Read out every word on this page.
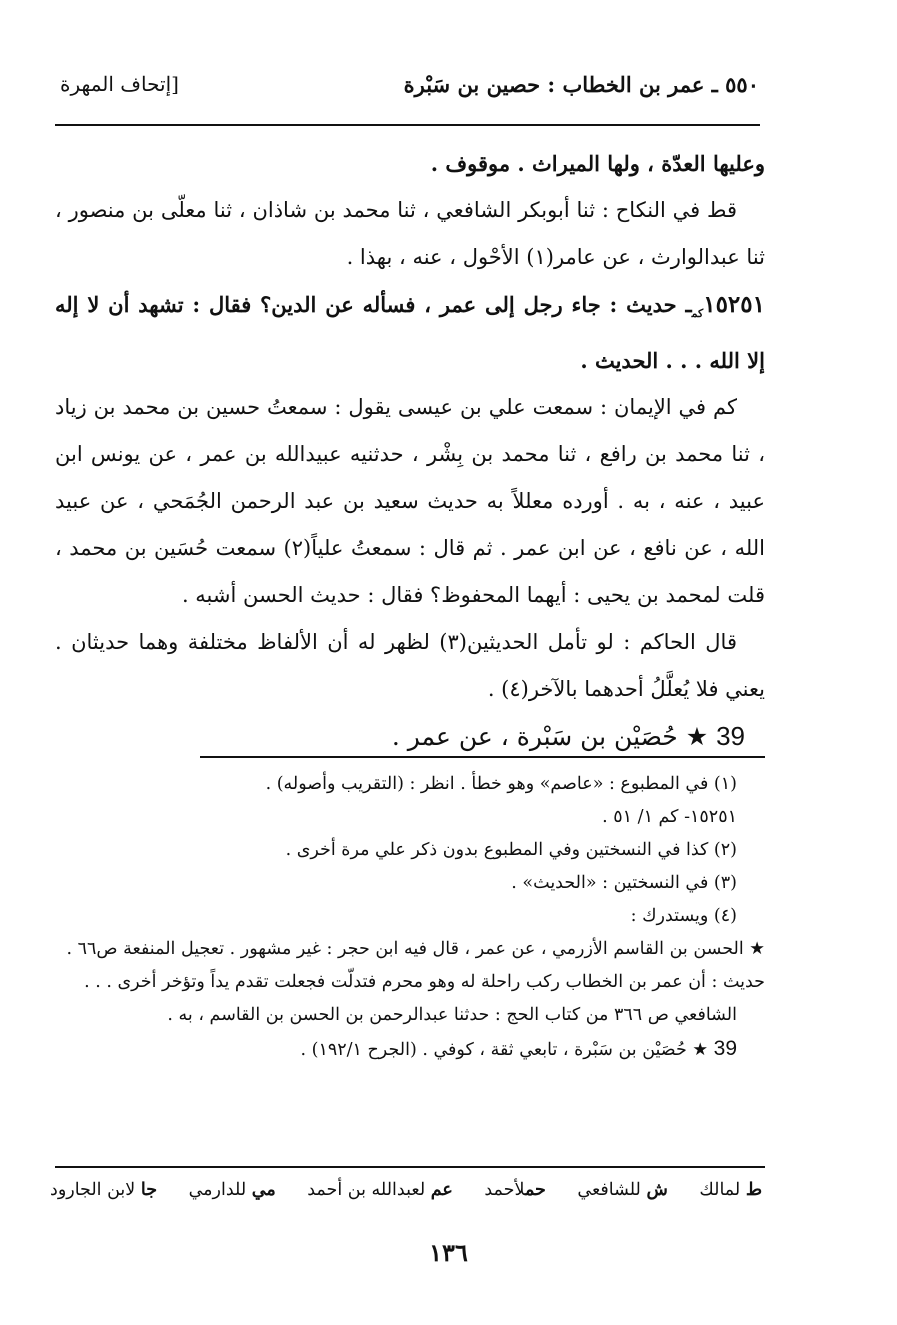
٥٥٠ ـ عمر بن الخطاب : حصين بن سَبْرة
[إتحاف المهرة

وعليها العدّة ، ولها الميراث . موقوف .

قط في النكاح : ثنا أبوبكر الشافعي ، ثنا محمد بن شاذان ، ثنا معلّى بن منصور ، ثنا عبدالوارث ، عن عامر(١) الأحْول ، عنه ، بهذا .

$١٥٢٥١_{كم}ـ$ حديث : جاء رجل إلى عمر ، فسأله عن الدين؟ فقال : تشهد أن لا إله إلا الله . . . الحديث .

كم في الإيمان : سمعت علي بن عيسى يقول : سمعتُ حسين بن محمد بن زياد ، ثنا محمد بن رافع ، ثنا محمد بن بِشْر ، حدثنيه عبيدالله بن عمر ، عن يونس ابن عبيد ، عنه ، به . أورده معللاً به حديث سعيد بن عبد الرحمن الجُمَحي ، عن عبيد الله ، عن نافع ، عن ابن عمر . ثم قال : سمعتُ علياً(٢) سمعت حُسَين بن محمد ، قلت لمحمد بن يحيى : أيهما المحفوظ؟ فقال : حديث الحسن أشبه .

قال الحاكم : لو تأمل الحديثين(٣) لظهر له أن الألفاظ مختلفة وهما حديثان . يعني فلا يُعلَّلُ أحدهما بالآخر(٤) .

39 ★ حُصَيْن بن سَبْرة ، عن عمر .

(١) في المطبوع : «عاصم» وهو خطأ . انظر : (التقريب وأصوله) .

١٥٢٥١- كم ١/ ٥١ .

(٢) كذا في النسختين وفي المطبوع بدون ذكر علي مرة أخرى .

(٣) في النسختين : «الحديث» .

(٤) ويستدرك :

★ الحسن بن القاسم الأزرمي ، عن عمر ، قال فيه ابن حجر : غير مشهور . تعجيل المنفعة ص٦٦ .

حديث : أن عمر بن الخطاب ركب راحلة له وهو محرم فتدلّت فجعلت تقدم يداً وتؤخر أخرى . . .

الشافعي ص ٣٦٦ من كتاب الحج : حدثنا عبدالرحمن بن الحسن بن القاسم ، به .

39 ★ حُصَيْن بن سَبْرة ، تابعي ثقة ، كوفي . (الجرح ١٩٢/١) .

ط لمالك
ش للشافعي
حملأحمد
عم لعبدالله بن أحمد
مي للدارمي
جا لابن الجارود
١٣٦
